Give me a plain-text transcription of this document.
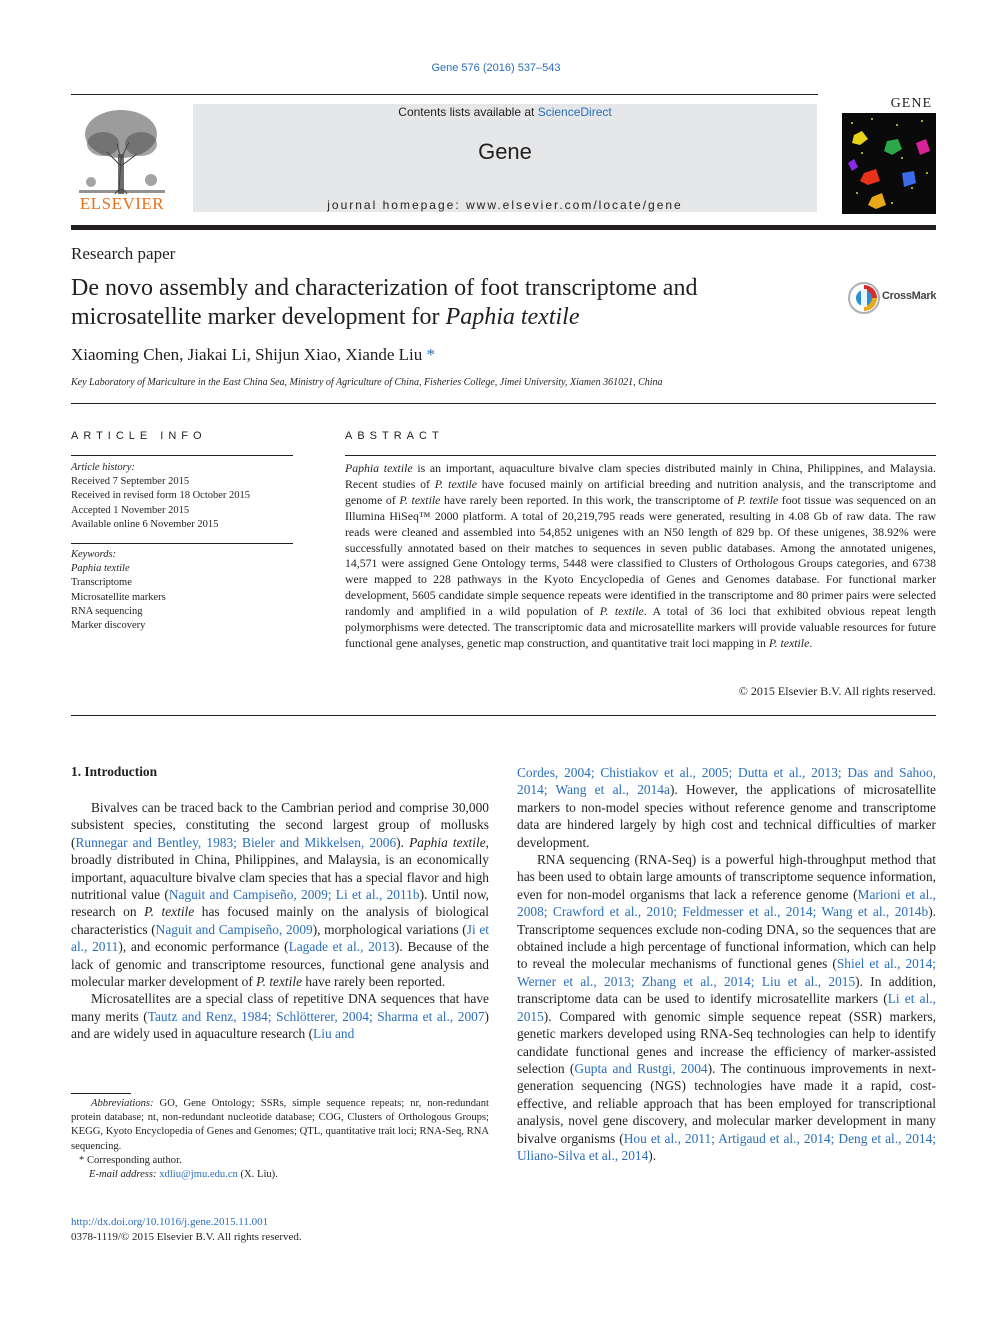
Gene 576 (2016) 537–543
ELSEVIER
Contents lists available at ScienceDirect
Gene
journal homepage: www.elsevier.com/locate/gene
GENE
Research paper
De novo assembly and characterization of foot transcriptome and microsatellite marker development for Paphia textile
CrossMark
Xiaoming Chen, Jiakai Li, Shijun Xiao, Xiande Liu *
Key Laboratory of Mariculture in the East China Sea, Ministry of Agriculture of China, Fisheries College, Jimei University, Xiamen 361021, China
ARTICLE INFO
Article history:
Received 7 September 2015
Received in revised form 18 October 2015
Accepted 1 November 2015
Available online 6 November 2015
Keywords:
Paphia textile
Transcriptome
Microsatellite markers
RNA sequencing
Marker discovery
ABSTRACT
Paphia textile is an important, aquaculture bivalve clam species distributed mainly in China, Philippines, and Malaysia. Recent studies of P. textile have focused mainly on artificial breeding and nutrition analysis, and the transcriptome and genome of P. textile have rarely been reported. In this work, the transcriptome of P. textile foot tissue was sequenced on an Illumina HiSeq™ 2000 platform. A total of 20,219,795 reads were generated, resulting in 4.08 Gb of raw data. The raw reads were cleaned and assembled into 54,852 unigenes with an N50 length of 829 bp. Of these unigenes, 38.92% were successfully annotated based on their matches to sequences in seven public databases. Among the annotated unigenes, 14,571 were assigned Gene Ontology terms, 5448 were classified to Clusters of Orthologous Groups categories, and 6738 were mapped to 228 pathways in the Kyoto Encyclopedia of Genes and Genomes database. For functional marker development, 5605 candidate simple sequence repeats were identified in the transcriptome and 80 primer pairs were selected randomly and amplified in a wild population of P. textile. A total of 36 loci that exhibited obvious repeat length polymorphisms were detected. The transcriptomic data and microsatellite markers will provide valuable resources for future functional gene analyses, genetic map construction, and quantitative trait loci mapping in P. textile.
© 2015 Elsevier B.V. All rights reserved.
1. Introduction

Bivalves can be traced back to the Cambrian period and comprise 30,000 subsistent species, constituting the second largest group of mollusks (Runnegar and Bentley, 1983; Bieler and Mikkelsen, 2006). Paphia textile, broadly distributed in China, Philippines, and Malaysia, is an economically important, aquaculture bivalve clam species that has a special flavor and high nutritional value (Naguit and Campiseño, 2009; Li et al., 2011b). Until now, research on P. textile has focused mainly on the analysis of biological characteristics (Naguit and Campiseño, 2009), morphological variations (Ji et al., 2011), and economic performance (Lagade et al., 2013). Because of the lack of genomic and transcriptome resources, functional gene analysis and molecular marker development of P. textile have rarely been reported.

Microsatellites are a special class of repetitive DNA sequences that have many merits (Tautz and Renz, 1984; Schlötterer, 2004; Sharma et al., 2007) and are widely used in aquaculture research (Liu and

Cordes, 2004; Chistiakov et al., 2005; Dutta et al., 2013; Das and Sahoo, 2014; Wang et al., 2014a). However, the applications of microsatellite markers to non-model species without reference genome and transcriptome data are hindered largely by high cost and technical difficulties of marker development.

RNA sequencing (RNA-Seq) is a powerful high-throughput method that has been used to obtain large amounts of transcriptome sequence information, even for non-model organisms that lack a reference genome (Marioni et al., 2008; Crawford et al., 2010; Feldmesser et al., 2014; Wang et al., 2014b). Transcriptome sequences exclude non-coding DNA, so the sequences that are obtained include a high percentage of functional information, which can help to reveal the molecular mechanisms of functional genes (Shiel et al., 2014; Werner et al., 2013; Zhang et al., 2014; Liu et al., 2015). In addition, transcriptome data can be used to identify microsatellite markers (Li et al., 2015). Compared with genomic simple sequence repeat (SSR) markers, genetic markers developed using RNA-Seq technologies can help to identify candidate functional genes and increase the efficiency of marker-assisted selection (Gupta and Rustgi, 2004). The continuous improvements in next-generation sequencing (NGS) technologies have made it a rapid, cost-effective, and reliable approach that has been employed for transcriptional analysis, novel gene discovery, and molecular marker development in many bivalve organisms (Hou et al., 2011; Artigaud et al., 2014; Deng et al., 2014; Uliano-Silva et al., 2014).

Abbreviations: GO, Gene Ontology; SSRs, simple sequence repeats; nr, non-redundant protein database; nt, non-redundant nucleotide database; COG, Clusters of Orthologous Groups; KEGG, Kyoto Encyclopedia of Genes and Genomes; QTL, quantitative trait loci; RNA-Seq, RNA sequencing.

* Corresponding author.

E-mail address: xdliu@jmu.edu.cn (X. Liu).

http://dx.doi.org/10.1016/j.gene.2015.11.001
0378-1119/© 2015 Elsevier B.V. All rights reserved.
